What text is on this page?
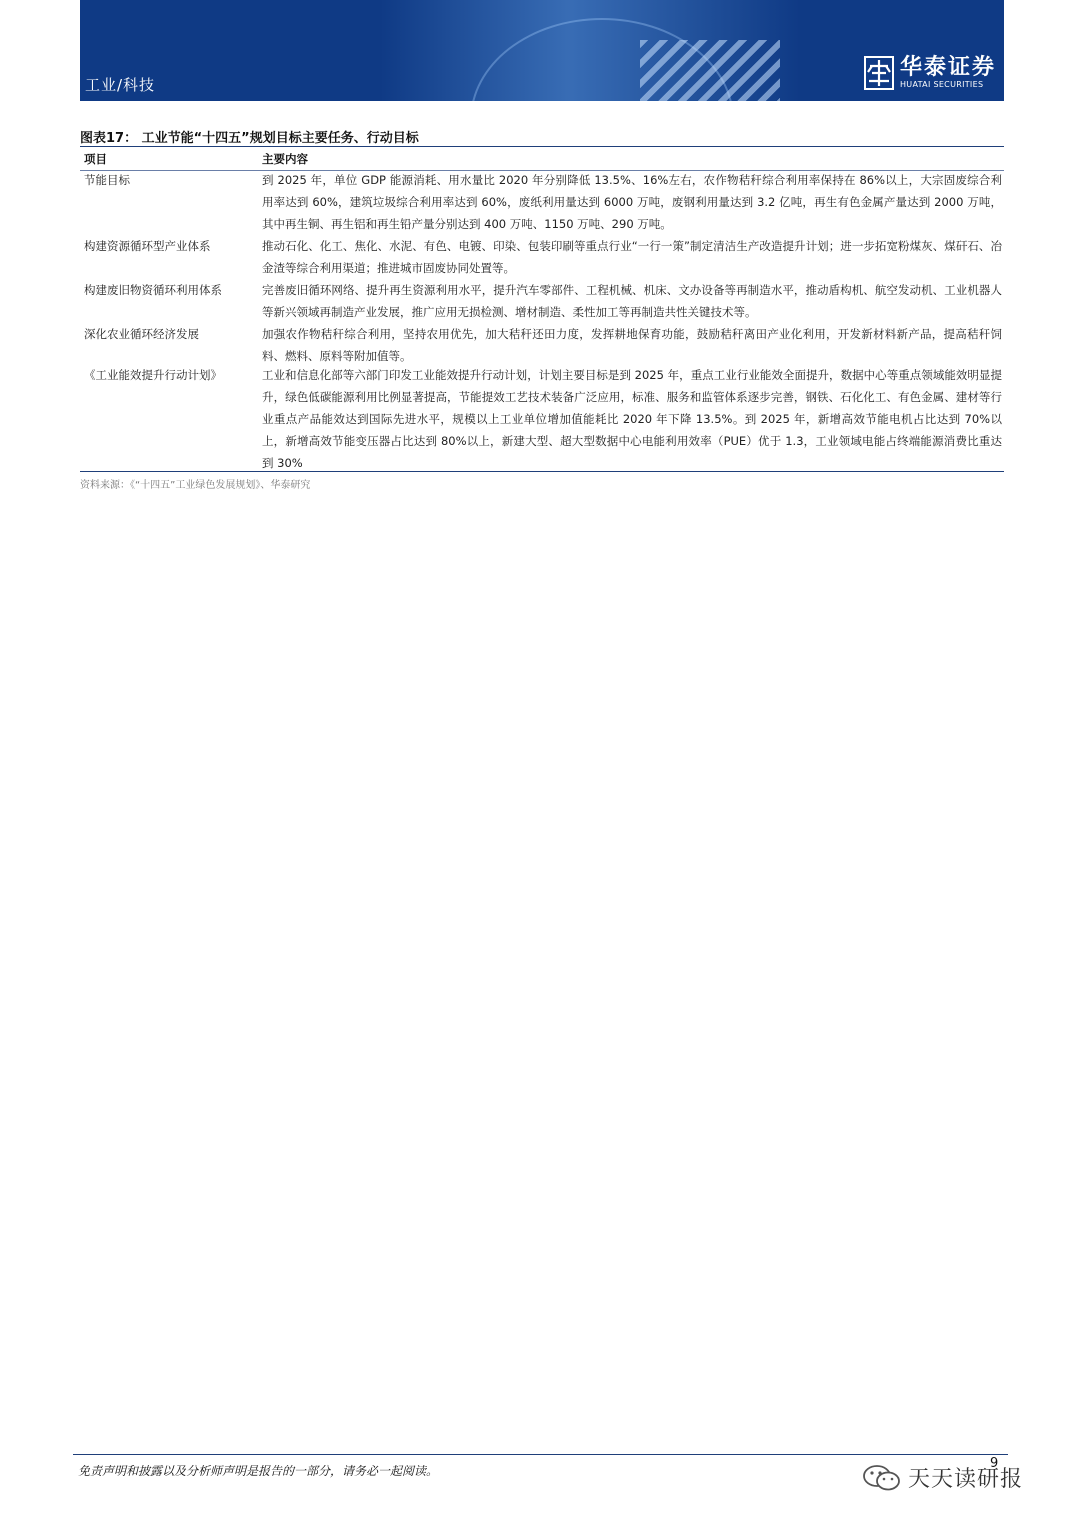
工业/科技
华泰证券
HUATAI SECURITIES
图表17： 工业节能“十四五”规划目标主要任务、行动目标
项目	主要内容
节能目标	到 2025 年，单位 GDP 能源消耗、用水量比 2020 年分别降低 13.5%、16%左右，农作物秸秆综合利用率保持在 86%以上，大宗固废综合利用率达到 60%，建筑垃圾综合利用率达到 60%，废纸利用量达到 6000 万吨，废钢利用量达到 3.2 亿吨，再生有色金属产量达到 2000 万吨，其中再生铜、再生铝和再生铅产量分别达到 400 万吨、1150 万吨、290 万吨。
构建资源循环型产业体系	推动石化、化工、焦化、水泥、有色、电镀、印染、包装印刷等重点行业“一行一策”制定清洁生产改造提升计划；进一步拓宽粉煤灰、煤矸石、冶金渣等综合利用渠道；推进城市固废协同处置等。
构建废旧物资循环利用体系	完善废旧循环网络、提升再生资源利用水平，提升汽车零部件、工程机械、机床、文办设备等再制造水平，推动盾构机、航空发动机、工业机器人等新兴领域再制造产业发展，推广应用无损检测、增材制造、柔性加工等再制造共性关键技术等。
深化农业循环经济发展	加强农作物秸秆综合利用，坚持农用优先，加大秸秆还田力度，发挥耕地保育功能，鼓励秸秆离田产业化利用，开发新材料新产品，提高秸秆饲料、燃料、原料等附加值等。
《工业能效提升行动计划》	工业和信息化部等六部门印发工业能效提升行动计划，计划主要目标是到 2025 年，重点工业行业能效全面提升，数据中心等重点领域能效明显提升，绿色低碳能源利用比例显著提高，节能提效工艺技术装备广泛应用，标准、服务和监管体系逐步完善，钢铁、石化化工、有色金属、建材等行业重点产品能效达到国际先进水平，规模以上工业单位增加值能耗比 2020 年下降 13.5%。到 2025 年，新增高效节能电机占比达到 70%以上，新增高效节能变压器占比达到 80%以上，新建大型、超大型数据中心电能利用效率（PUE）优于 1.3，工业领域电能占终端能源消费比重达到 30%
资料来源：《“十四五”工业绿色发展规划》、华泰研究
免责声明和披露以及分析师声明是报告的一部分，请务必一起阅读。	9
天天读研报
